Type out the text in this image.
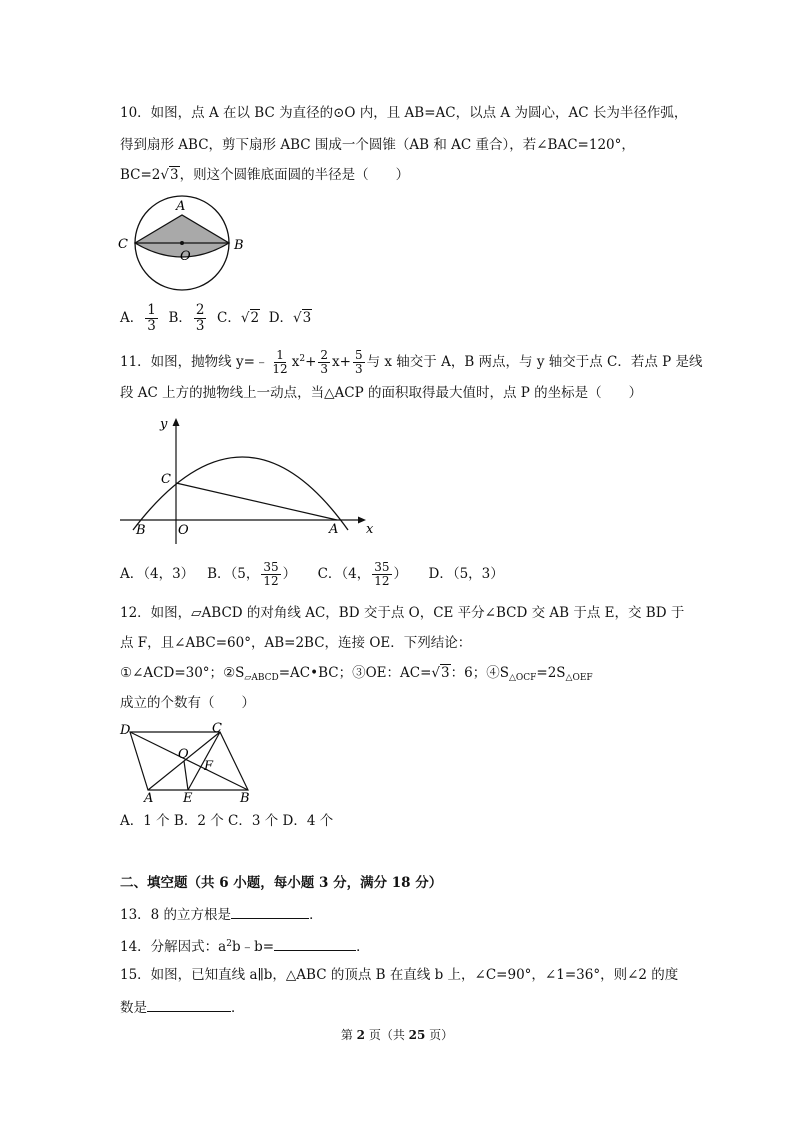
10．如图，点 A 在以 BC 为直径的⊙O 内，且 AB=AC，以点 A 为圆心，AC 长为半径作弧，
得到扇形 ABC，剪下扇形 ABC 围成一个圆锥（AB 和 AC 重合），若∠BAC=120°，
BC=2√3，则这个圆锥底面圆的半径是（　　）
A
C	B
O
A． $\frac{1}{3}$ B． $\frac{2}{3}$ C．√2 D．√3
11．如图，抛物线 y=﹣ $\frac{1}{12} x^2+ \frac{2}{3} x+ \frac{5}{3}$ 与 x 轴交于 A，B 两点，与 y 轴交于点 C．若点 P 是线
段 AC 上方的抛物线上一动点，当△ACP 的面积取得最大值时，点 P 的坐标是（　　）
y
x
C
B O	A
A．（4，3） B．（5， $\frac{35}{12}$ ） C．（4， $\frac{35}{12}$ ） D．（5，3）
12．如图，▱ABCD 的对角线 AC，BD 交于点 O，CE 平分∠BCD 交 AB 于点 E，交 BD 于
点 F，且∠ABC=60°，AB=2BC，连接 OE．下列结论：
①∠ACD=30°；$②S_{▱ABCD}=AC•BC$；③OE：AC=√3：6；$④S_{\triangle OCF}=2S_{\triangle OEF}$
成立的个数有（　　）
D	C
O
F
A E	B
A．1 个 B．2 个 C．3 个 D．4 个
二、填空题（共 6 小题，每小题 3 分，满分 18 分）
13．8 的立方根是	．
14．分解因式：$a^2b﹣b=$	．
15．如图，已知直线 a∥b，△ABC 的顶点 B 在直线 b 上，∠C=90°，∠1=36°，则∠2 的度
数是	．
第 2 页（共 25 页）
